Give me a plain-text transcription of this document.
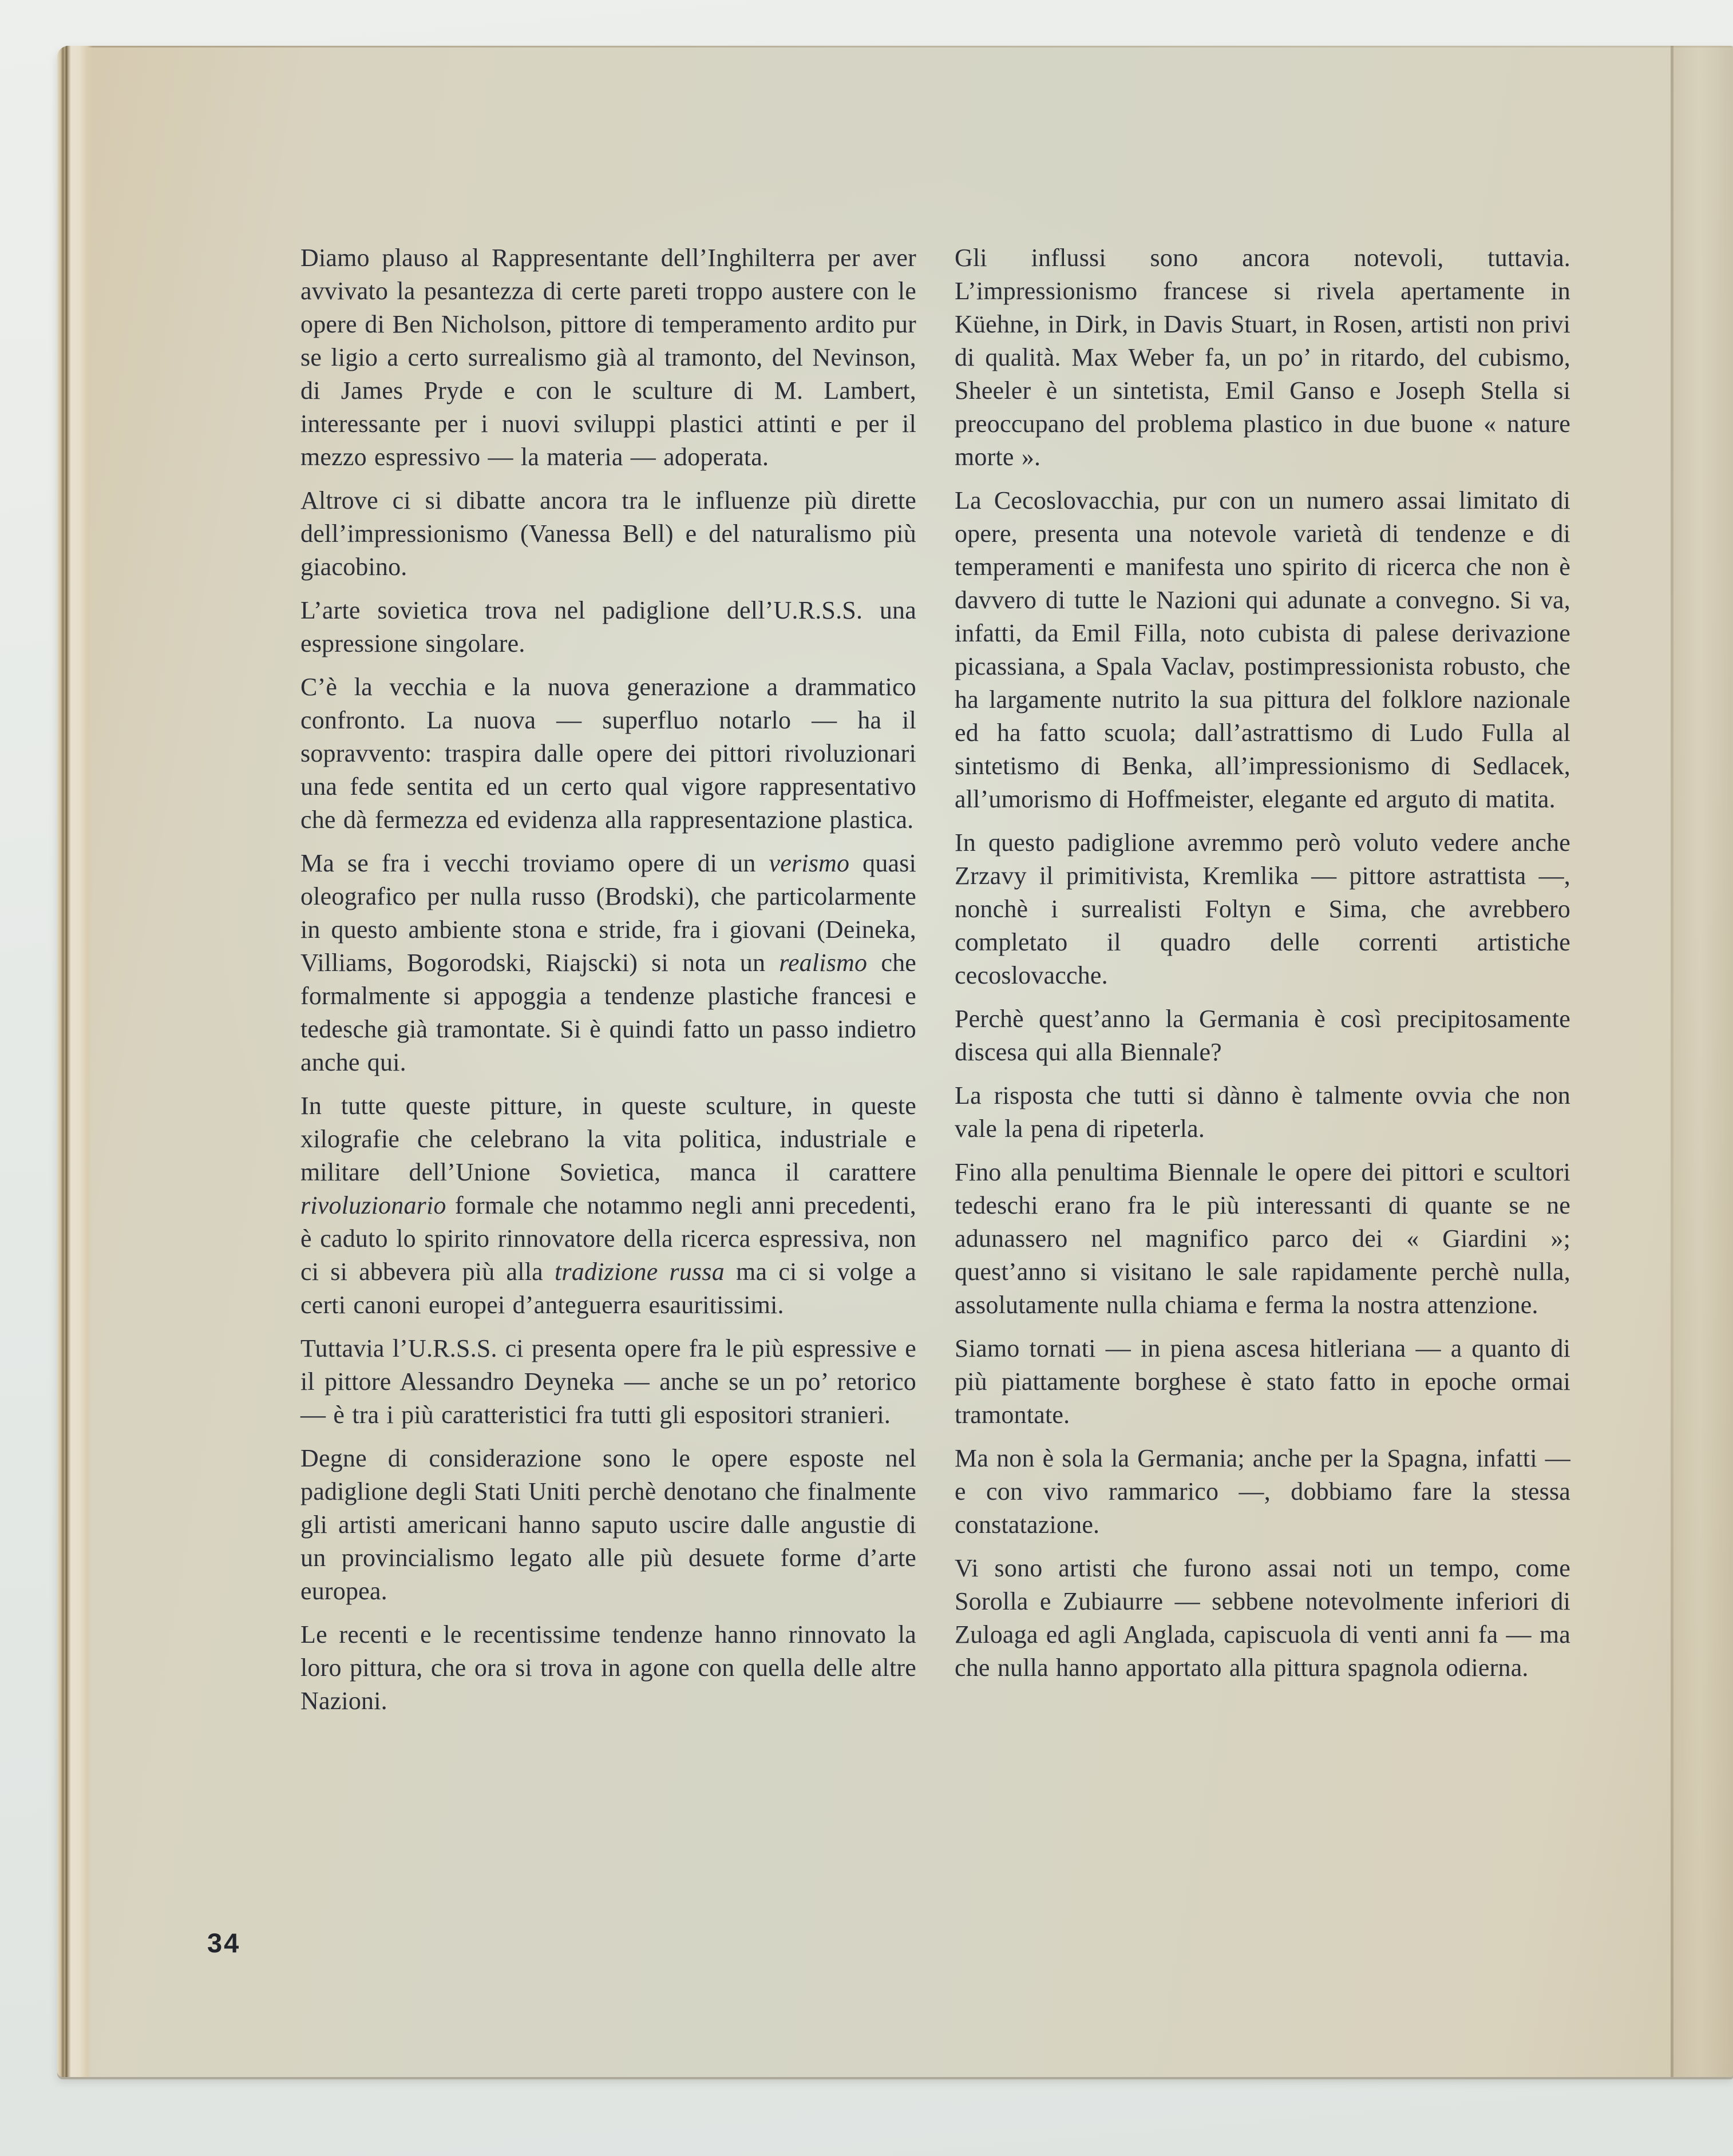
Diamo plauso al Rappresentante dell’Inghilterra per aver avvivato la pesantezza di certe pareti troppo austere con le opere di Ben Nicholson, pittore di temperamento ardito pur se ligio a certo surrealismo già al tramonto, del Nevinson, di James Pryde e con le sculture di M. Lambert, interessante per i nuovi sviluppi plastici attinti e per il mezzo espressivo — la materia — adoperata.

Altrove ci si dibatte ancora tra le influenze più dirette dell’impressionismo (Vanessa Bell) e del naturalismo più giacobino.

L’arte sovietica trova nel padiglione dell’U.R.S.S. una espressione singolare.

C’è la vecchia e la nuova generazione a drammatico confronto. La nuova — superfluo notarlo — ha il sopravvento: traspira dalle opere dei pittori rivoluzionari una fede sentita ed un certo qual vigore rappresentativo che dà fermezza ed evidenza alla rappresentazione plastica.

Ma se fra i vecchi troviamo opere di un verismo quasi oleografico per nulla russo (Brodski), che particolarmente in questo ambiente stona e stride, fra i giovani (Deineka, Villiams, Bogorodski, Riajscki) si nota un realismo che formalmente si appoggia a tendenze plastiche francesi e tedesche già tramontate. Si è quindi fatto un passo indietro anche qui.

In tutte queste pitture, in queste sculture, in queste xilografie che celebrano la vita politica, industriale e militare dell’Unione Sovietica, manca il carattere rivoluzionario formale che notammo negli anni precedenti, è caduto lo spirito rinnovatore della ricerca espressiva, non ci si abbevera più alla tradizione russa ma ci si volge a certi canoni europei d’anteguerra esauritissimi.

Tuttavia l’U.R.S.S. ci presenta opere fra le più espressive e il pittore Alessandro Deyneka — anche se un po’ retorico — è tra i più caratteristici fra tutti gli espositori stranieri.

Degne di considerazione sono le opere esposte nel padiglione degli Stati Uniti perchè denotano che finalmente gli artisti americani hanno saputo uscire dalle angustie di un provincialismo legato alle più desuete forme d’arte europea.

Le recenti e le recentissime tendenze hanno rinnovato la loro pittura, che ora si trova in agone con quella delle altre Nazioni.

Gli influssi sono ancora notevoli, tuttavia. L’impressionismo francese si rivela apertamente in Küehne, in Dirk, in Davis Stuart, in Rosen, artisti non privi di qualità. Max Weber fa, un po’ in ritardo, del cubismo, Sheeler è un sintetista, Emil Ganso e Joseph Stella si preoccupano del problema plastico in due buone « nature morte ».

La Cecoslovacchia, pur con un numero assai limitato di opere, presenta una notevole varietà di tendenze e di temperamenti e manifesta uno spirito di ricerca che non è davvero di tutte le Nazioni qui adunate a convegno. Si va, infatti, da Emil Filla, noto cubista di palese derivazione picassiana, a Spala Vaclav, postimpressionista robusto, che ha largamente nutrito la sua pittura del folklore nazionale ed ha fatto scuola; dall’astrattismo di Ludo Fulla al sintetismo di Benka, all’impressionismo di Sedlacek, all’umorismo di Hoffmeister, elegante ed arguto di matita.

In questo padiglione avremmo però voluto vedere anche Zrzavy il primitivista, Kremlika — pittore astrattista —, nonchè i surrealisti Foltyn e Sima, che avrebbero completato il quadro delle correnti artistiche cecoslovacche.

Perchè quest’anno la Germania è così precipitosamente discesa qui alla Biennale?

La risposta che tutti si dànno è talmente ovvia che non vale la pena di ripeterla.

Fino alla penultima Biennale le opere dei pittori e scultori tedeschi erano fra le più interessanti di quante se ne adunassero nel magnifico parco dei « Giardini »; quest’anno si visitano le sale rapidamente perchè nulla, assolutamente nulla chiama e ferma la nostra attenzione.

Siamo tornati — in piena ascesa hitleriana — a quanto di più piattamente borghese è stato fatto in epoche ormai tramontate.

Ma non è sola la Germania; anche per la Spagna, infatti — e con vivo rammarico —, dobbiamo fare la stessa constatazione.

Vi sono artisti che furono assai noti un tempo, come Sorolla e Zubiaurre — sebbene notevolmente inferiori di Zuloaga ed agli Anglada, capiscuola di venti anni fa — ma che nulla hanno apportato alla pittura spagnola odierna.

34
